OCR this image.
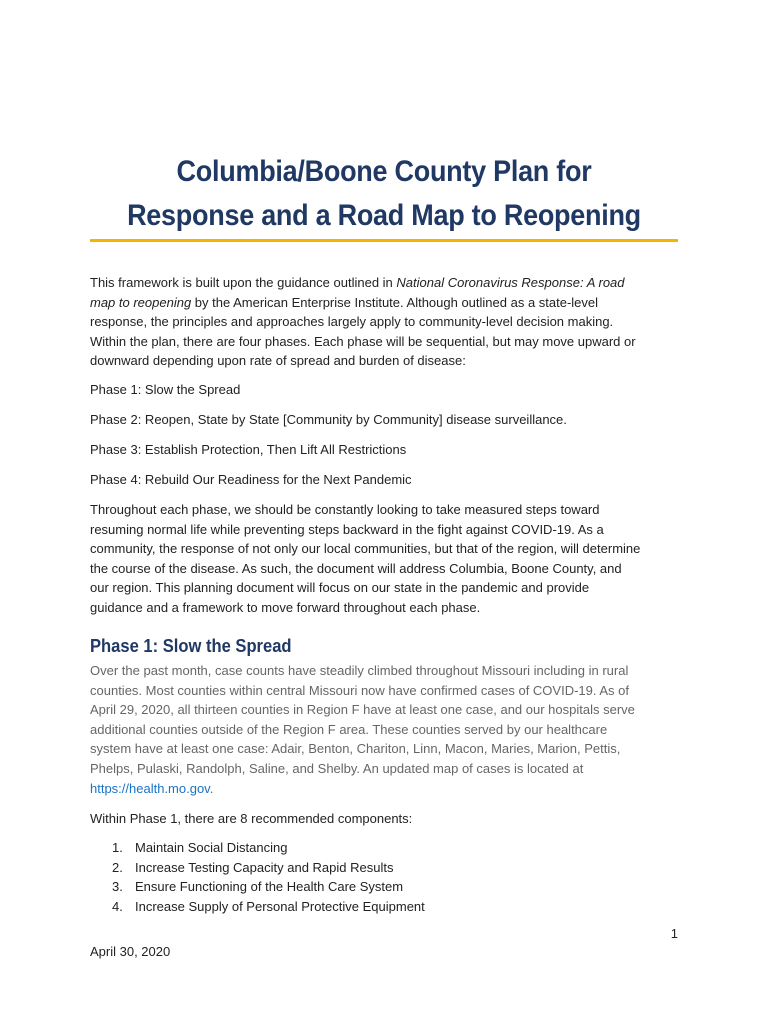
Columbia/Boone County Plan for
Response and a Road Map to Reopening

This framework is built upon the guidance outlined in National Coronavirus Response: A road
map to reopening by the American Enterprise Institute. Although outlined as a state-level
response, the principles and approaches largely apply to community-level decision making.
Within the plan, there are four phases. Each phase will be sequential, but may move upward or
downward depending upon rate of spread and burden of disease:

Phase 1: Slow the Spread

Phase 2: Reopen, State by State [Community by Community] disease surveillance.

Phase 3: Establish Protection, Then Lift All Restrictions

Phase 4: Rebuild Our Readiness for the Next Pandemic

Throughout each phase, we should be constantly looking to take measured steps toward
resuming normal life while preventing steps backward in the fight against COVID-19. As a
community, the response of not only our local communities, but that of the region, will determine
the course of the disease. As such, the document will address Columbia, Boone County, and
our region. This planning document will focus on our state in the pandemic and provide
guidance and a framework to move forward throughout each phase.

Phase 1: Slow the Spread

Over the past month, case counts have steadily climbed throughout Missouri including in rural
counties. Most counties within central Missouri now have confirmed cases of COVID-19. As of
April 29, 2020, all thirteen counties in Region F have at least one case, and our hospitals serve
additional counties outside of the Region F area. These counties served by our healthcare
system have at least one case: Adair, Benton, Chariton, Linn, Macon, Maries, Marion, Pettis,
Phelps, Pulaski, Randolph, Saline, and Shelby. An updated map of cases is located at
https://health.mo.gov.

Within Phase 1, there are 8 recommended components:

1. Maintain Social Distancing
2. Increase Testing Capacity and Rapid Results
3. Ensure Functioning of the Health Care System
4. Increase Supply of Personal Protective Equipment
1
April 30, 2020
